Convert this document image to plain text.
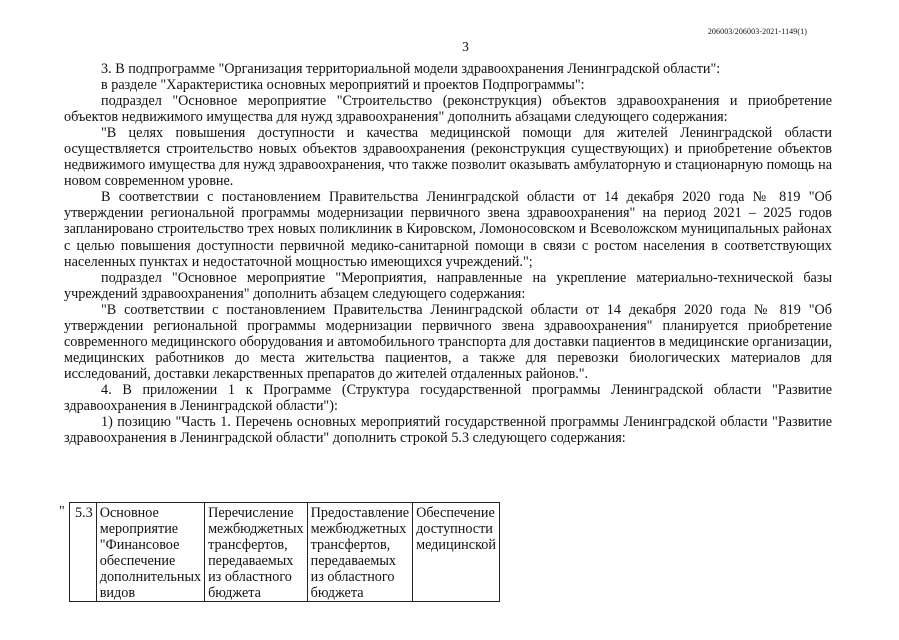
206003/206003-2021-1149(1)
3

3. В подпрограмме "Организация территориальной модели здравоохранения Ленинградской области":

в разделе "Характеристика основных мероприятий и проектов Подпрограммы":

подраздел "Основное мероприятие "Строительство (реконструкция) объектов здравоохранения и приобретение объектов недвижимого имущества для нужд здравоохранения" дополнить абзацами следующего содержания:

"В целях повышения доступности и качества медицинской помощи для жителей Ленинградской области осуществляется строительство новых объектов здравоохранения (реконструкция существующих) и приобретение объектов недвижимого имущества для нужд здравоохранения, что также позволит оказывать амбулаторную и стационарную помощь на новом современном уровне.

В соответствии с постановлением Правительства Ленинградской области от 14 декабря 2020 года № 819 "Об утверждении региональной программы модернизации первичного звена здравоохранения" на период 2021 – 2025 годов запланировано строительство трех новых поликлиник в Кировском, Ломоносовском и Всеволожском муниципальных районах с целью повышения доступности первичной медико-санитарной помощи в связи с ростом населения в соответствующих населенных пунктах и недостаточной мощностью имеющихся учреждений.";

подраздел "Основное мероприятие "Мероприятия, направленные на укрепление материально-технической базы учреждений здравоохранения" дополнить абзацем следующего содержания:

"В соответствии с постановлением Правительства Ленинградской области от 14 декабря 2020 года № 819 "Об утверждении региональной программы модернизации первичного звена здравоохранения" планируется приобретение современного медицинского оборудования и автомобильного транспорта для доставки пациентов в медицинские организации, медицинских работников до места жительства пациентов, а также для перевозки биологических материалов для исследований, доставки лекарственных препаратов до жителей отдаленных районов.".

4. В приложении 1 к Программе (Структура государственной программы Ленинградской области "Развитие здравоохранения в Ленинградской области"):

1) позицию "Часть 1. Перечень основных мероприятий государственной программы Ленинградской области "Развитие здравоохранения в Ленинградской области" дополнить строкой 5.3 следующего содержания:

" 5.3	Основное мероприятие "Финансовое обеспечение дополнительных видов	Перечисление межбюджетных трансфертов, передаваемых из областного бюджета	Предоставление межбюджетных трансфертов, передаваемых из областного бюджета	Обеспечение доступности медицинской
